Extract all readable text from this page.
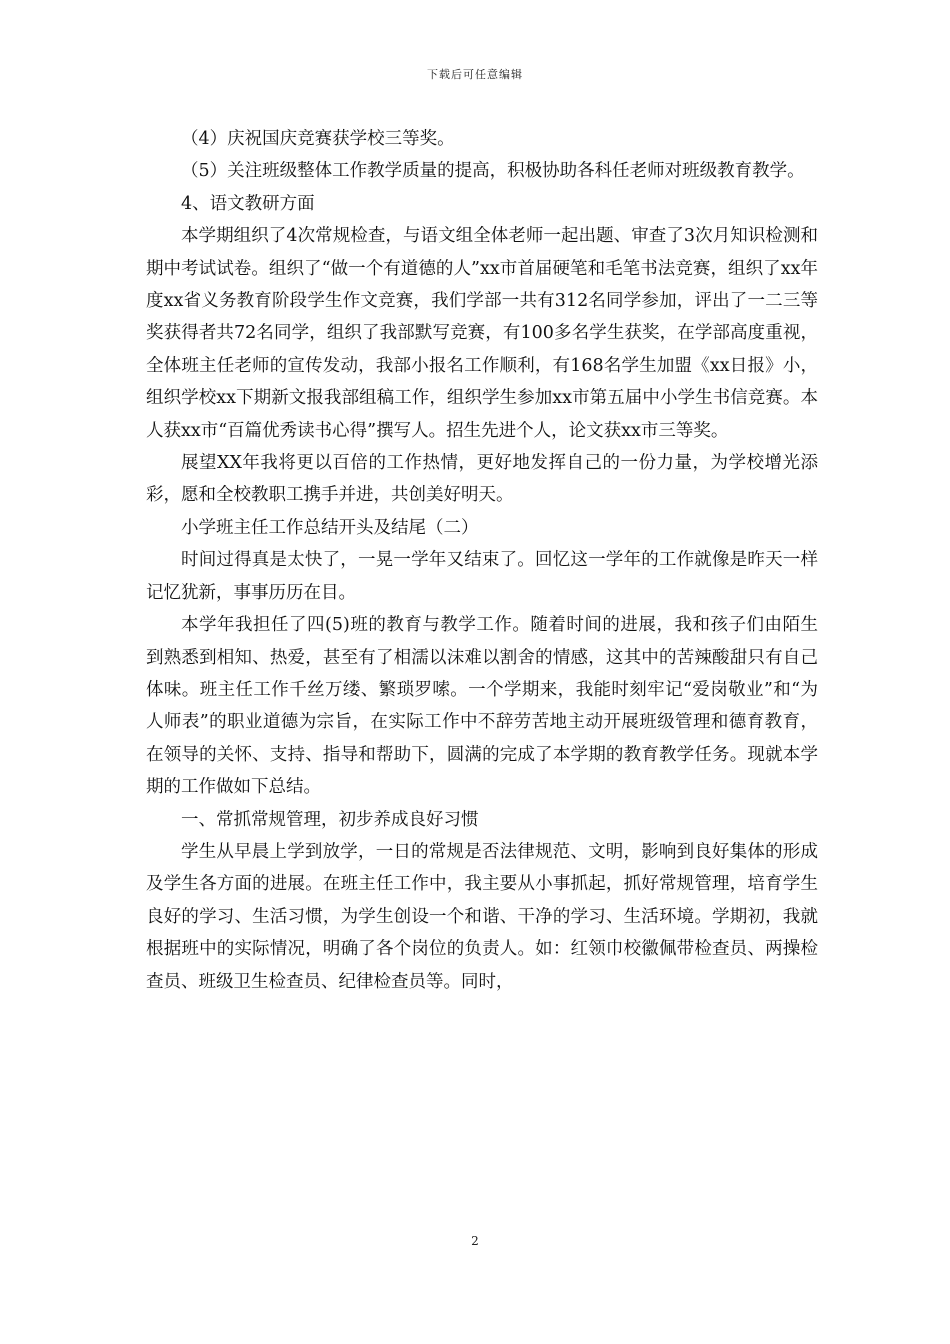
下载后可任意编辑

（4）庆祝国庆竞赛获学校三等奖。

（5）关注班级整体工作教学质量的提高，积极协助各科任老师对班级教育教学。

4、语文教研方面

本学期组织了4次常规检查，与语文组全体老师一起出题、审查了3次月知识检测和期中考试试卷。组织了“做一个有道德的人”xx市首届硬笔和毛笔书法竞赛，组织了xx年度xx省义务教育阶段学生作文竞赛，我们学部一共有312名同学参加，评出了一二三等奖获得者共72名同学，组织了我部默写竞赛，有100多名学生获奖，在学部高度重视，全体班主任老师的宣传发动，我部小报名工作顺利，有168名学生加盟《xx日报》小，组织学校xx下期新文报我部组稿工作，组织学生参加xx市第五届中小学生书信竞赛。本人获xx市“百篇优秀读书心得”撰写人。招生先进个人，论文获xx市三等奖。

展望XX年我将更以百倍的工作热情，更好地发挥自己的一份力量，为学校增光添彩，愿和全校教职工携手并进，共创美好明天。

小学班主任工作总结开头及结尾（二）

时间过得真是太快了，一晃一学年又结束了。回忆这一学年的工作就像是昨天一样记忆犹新，事事历历在目。

本学年我担任了四(5)班的教育与教学工作。随着时间的进展，我和孩子们由陌生到熟悉到相知、热爱，甚至有了相濡以沫难以割舍的情感，这其中的苦辣酸甜只有自己体味。班主任工作千丝万缕、繁琐罗嗦。一个学期来，我能时刻牢记“爱岗敬业”和“为人师表”的职业道德为宗旨，在实际工作中不辞劳苦地主动开展班级管理和德育教育，在领导的关怀、支持、指导和帮助下，圆满的完成了本学期的教育教学任务。现就本学期的工作做如下总结。

一、常抓常规管理，初步养成良好习惯

学生从早晨上学到放学，一日的常规是否法律规范、文明，影响到良好集体的形成及学生各方面的进展。在班主任工作中，我主要从小事抓起，抓好常规管理，培育学生良好的学习、生活习惯，为学生创设一个和谐、干净的学习、生活环境。学期初，我就根据班中的实际情况，明确了各个岗位的负责人。如：红领巾校徽佩带检查员、两操检查员、班级卫生检查员、纪律检查员等。同时，

2
